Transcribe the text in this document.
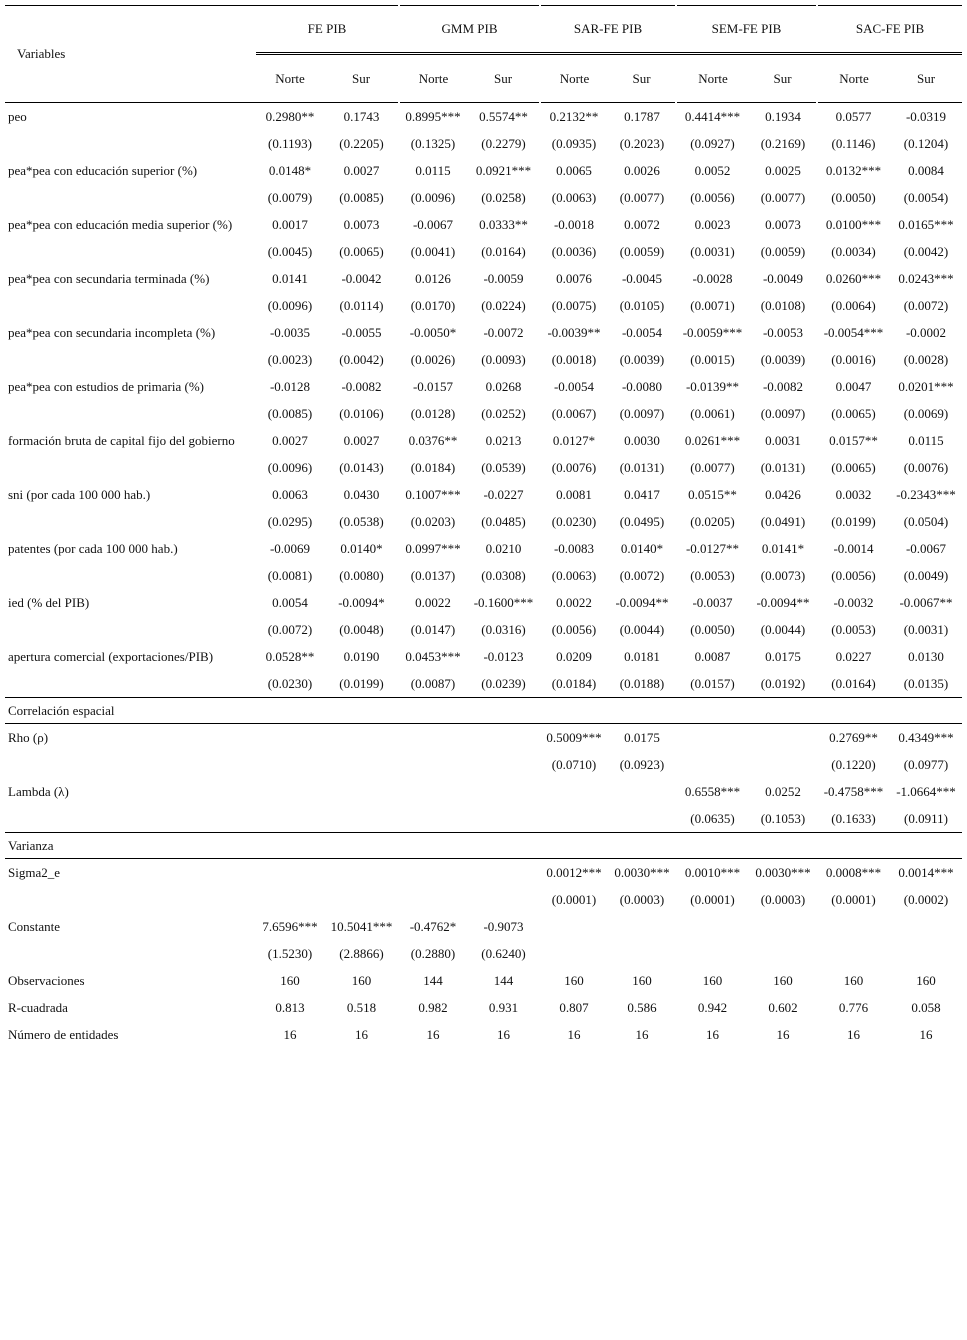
Variables	FE PIB		GMM PIB		SAR-FE PIB		SEM-FE PIB		SAC-FE PIB	
	Norte	Sur	Norte	Sur	Norte	Sur	Norte	Sur	Norte	Sur
peo	0.2980**	0.1743	0.8995***	0.5574**	0.2132**	0.1787	0.4414***	0.1934	0.0577	-0.0319
	(0.1193)	(0.2205)	(0.1325)	(0.2279)	(0.0935)	(0.2023)	(0.0927)	(0.2169)	(0.1146)	(0.1204)
pea*pea con educación superior (%)	0.0148*	0.0027	0.0115	0.0921***	0.0065	0.0026	0.0052	0.0025	0.0132***	0.0084
	(0.0079)	(0.0085)	(0.0096)	(0.0258)	(0.0063)	(0.0077)	(0.0056)	(0.0077)	(0.0050)	(0.0054)
pea*pea con educación media superior (%)	0.0017	0.0073	-0.0067	0.0333**	-0.0018	0.0072	0.0023	0.0073	0.0100***	0.0165***
	(0.0045)	(0.0065)	(0.0041)	(0.0164)	(0.0036)	(0.0059)	(0.0031)	(0.0059)	(0.0034)	(0.0042)
pea*pea con secundaria terminada (%)	0.0141	-0.0042	0.0126	-0.0059	0.0076	-0.0045	-0.0028	-0.0049	0.0260***	0.0243***
	(0.0096)	(0.0114)	(0.0170)	(0.0224)	(0.0075)	(0.0105)	(0.0071)	(0.0108)	(0.0064)	(0.0072)
pea*pea con secundaria incompleta (%)	-0.0035	-0.0055	-0.0050*	-0.0072	-0.0039**	-0.0054	-0.0059***	-0.0053	-0.0054***	-0.0002
	(0.0023)	(0.0042)	(0.0026)	(0.0093)	(0.0018)	(0.0039)	(0.0015)	(0.0039)	(0.0016)	(0.0028)
pea*pea con estudios de primaria (%)	-0.0128	-0.0082	-0.0157	0.0268	-0.0054	-0.0080	-0.0139**	-0.0082	0.0047	0.0201***
	(0.0085)	(0.0106)	(0.0128)	(0.0252)	(0.0067)	(0.0097)	(0.0061)	(0.0097)	(0.0065)	(0.0069)
formación bruta de capital fijo del gobierno	0.0027	0.0027	0.0376**	0.0213	0.0127*	0.0030	0.0261***	0.0031	0.0157**	0.0115
	(0.0096)	(0.0143)	(0.0184)	(0.0539)	(0.0076)	(0.0131)	(0.0077)	(0.0131)	(0.0065)	(0.0076)
sni (por cada 100 000 hab.)	0.0063	0.0430	0.1007***	-0.0227	0.0081	0.0417	0.0515**	0.0426	0.0032	-0.2343***
	(0.0295)	(0.0538)	(0.0203)	(0.0485)	(0.0230)	(0.0495)	(0.0205)	(0.0491)	(0.0199)	(0.0504)
patentes (por cada 100 000 hab.)	-0.0069	0.0140*	0.0997***	0.0210	-0.0083	0.0140*	-0.0127**	0.0141*	-0.0014	-0.0067
	(0.0081)	(0.0080)	(0.0137)	(0.0308)	(0.0063)	(0.0072)	(0.0053)	(0.0073)	(0.0056)	(0.0049)
ied (% del PIB)	0.0054	-0.0094*	0.0022	-0.1600***	0.0022	-0.0094**	-0.0037	-0.0094**	-0.0032	-0.0067**
	(0.0072)	(0.0048)	(0.0147)	(0.0316)	(0.0056)	(0.0044)	(0.0050)	(0.0044)	(0.0053)	(0.0031)
apertura comercial (exportaciones/PIB)	0.0528**	0.0190	0.0453***	-0.0123	0.0209	0.0181	0.0087	0.0175	0.0227	0.0130
	(0.0230)	(0.0199)	(0.0087)	(0.0239)	(0.0184)	(0.0188)	(0.0157)	(0.0192)	(0.0164)	(0.0135)
Correlación espacial										
Rho (ρ)					0.5009***	0.0175			0.2769**	0.4349***
					(0.0710)	(0.0923)			(0.1220)	(0.0977)
Lambda (λ)							0.6558***	0.0252	-0.4758***	-1.0664***
							(0.0635)	(0.1053)	(0.1633)	(0.0911)
Varianza										
Sigma2_e					0.0012***	0.0030***	0.0010***	0.0030***	0.0008***	0.0014***
					(0.0001)	(0.0003)	(0.0001)	(0.0003)	(0.0001)	(0.0002)
Constante	7.6596***	10.5041***	-0.4762*	-0.9073						
	(1.5230)	(2.8866)	(0.2880)	(0.6240)						
Observaciones	160	160	144	144	160	160	160	160	160	160
R-cuadrada	0.813	0.518	0.982	0.931	0.807	0.586	0.942	0.602	0.776	0.058
Número de entidades	16	16	16	16	16	16	16	16	16	16
